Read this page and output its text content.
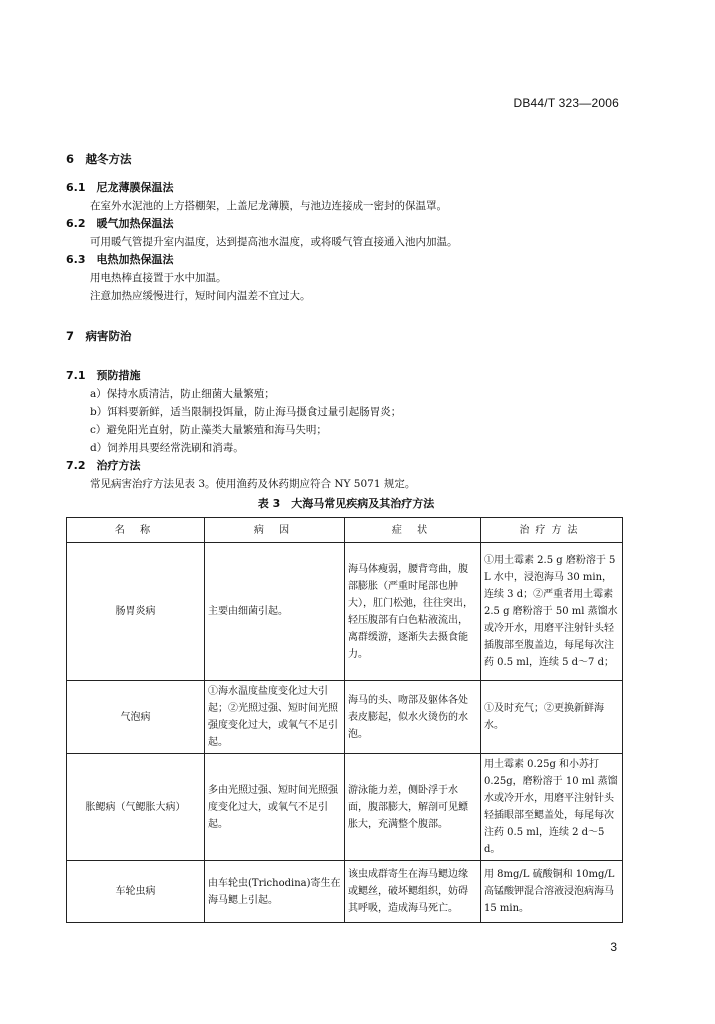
DB44/T 323—2006

6　越冬方法

6.1　尼龙薄膜保温法

在室外水泥池的上方搭棚架，上盖尼龙薄膜，与池边连接成一密封的保温罩。

6.2　暖气加热保温法

可用暖气管提升室内温度，达到提高池水温度，或将暖气管直接通入池内加温。

6.3　电热加热保温法

用电热棒直接置于水中加温。

注意加热应缓慢进行，短时间内温差不宜过大。

7　病害防治

7.1　预防措施

a）保持水质清洁，防止细菌大量繁殖；

b）饵料要新鲜，适当限制投饵量，防止海马摄食过量引起肠胃炎；

c）避免阳光直射，防止藻类大量繁殖和海马失明；

d）饲养用具要经常洗刷和消毒。

7.2　治疗方法

常见病害治疗方法见表 3。使用渔药及休药期应符合 NY 5071 规定。

表 3　大海马常见疾病及其治疗方法
名 称	病 因	症 状	治疗方法
肠胃炎病	主要由细菌引起。	海马体瘦弱，腰背弯曲，腹部膨胀（严重时尾部也肿大），肛门松弛，往往突出，轻压腹部有白色粘液流出，离群缓游，逐渐失去摄食能力。	①用土霉素 2.5 g 磨粉溶于 5 L 水中，浸泡海马 30 min，连续 3 d；②严重者用土霉素 2.5 g 磨粉溶于 50 ml 蒸馏水或冷开水，用磨平注射针头轻插腹部至腹盖边，每尾每次注药 0.5 ml，连续 5 d～7 d；
气泡病	①海水温度盐度变化过大引起；②光照过强、短时间光照强度变化过大，或氧气不足引起。	海马的头、吻部及躯体各处表皮膨起，似水火烫伤的水泡。	①及时充气；②更换新鲜海水。
胀鳃病（气鳃胀大病）	多由光照过强、短时间光照强度变化过大，或氧气不足引起。	游泳能力差，侧卧浮于水面，腹部膨大，解剖可见鳔胀大，充满整个腹部。	用土霉素 0.25g 和小苏打 0.25g，磨粉溶于 10 ml 蒸馏水或冷开水，用磨平注射针头轻插眼部至鳃盖处，每尾每次注药 0.5 ml，连续 2 d～5 d。
车轮虫病	由车轮虫(Trichodina)寄生在海马鳃上引起。	该虫成群寄生在海马鳃边缘或鳃丝，破坏鳃组织，妨碍其呼吸，造成海马死亡。	用 8mg/L 硫酸铜和 10mg/L 高锰酸钾混合溶液浸泡病海马 15 min。
3
